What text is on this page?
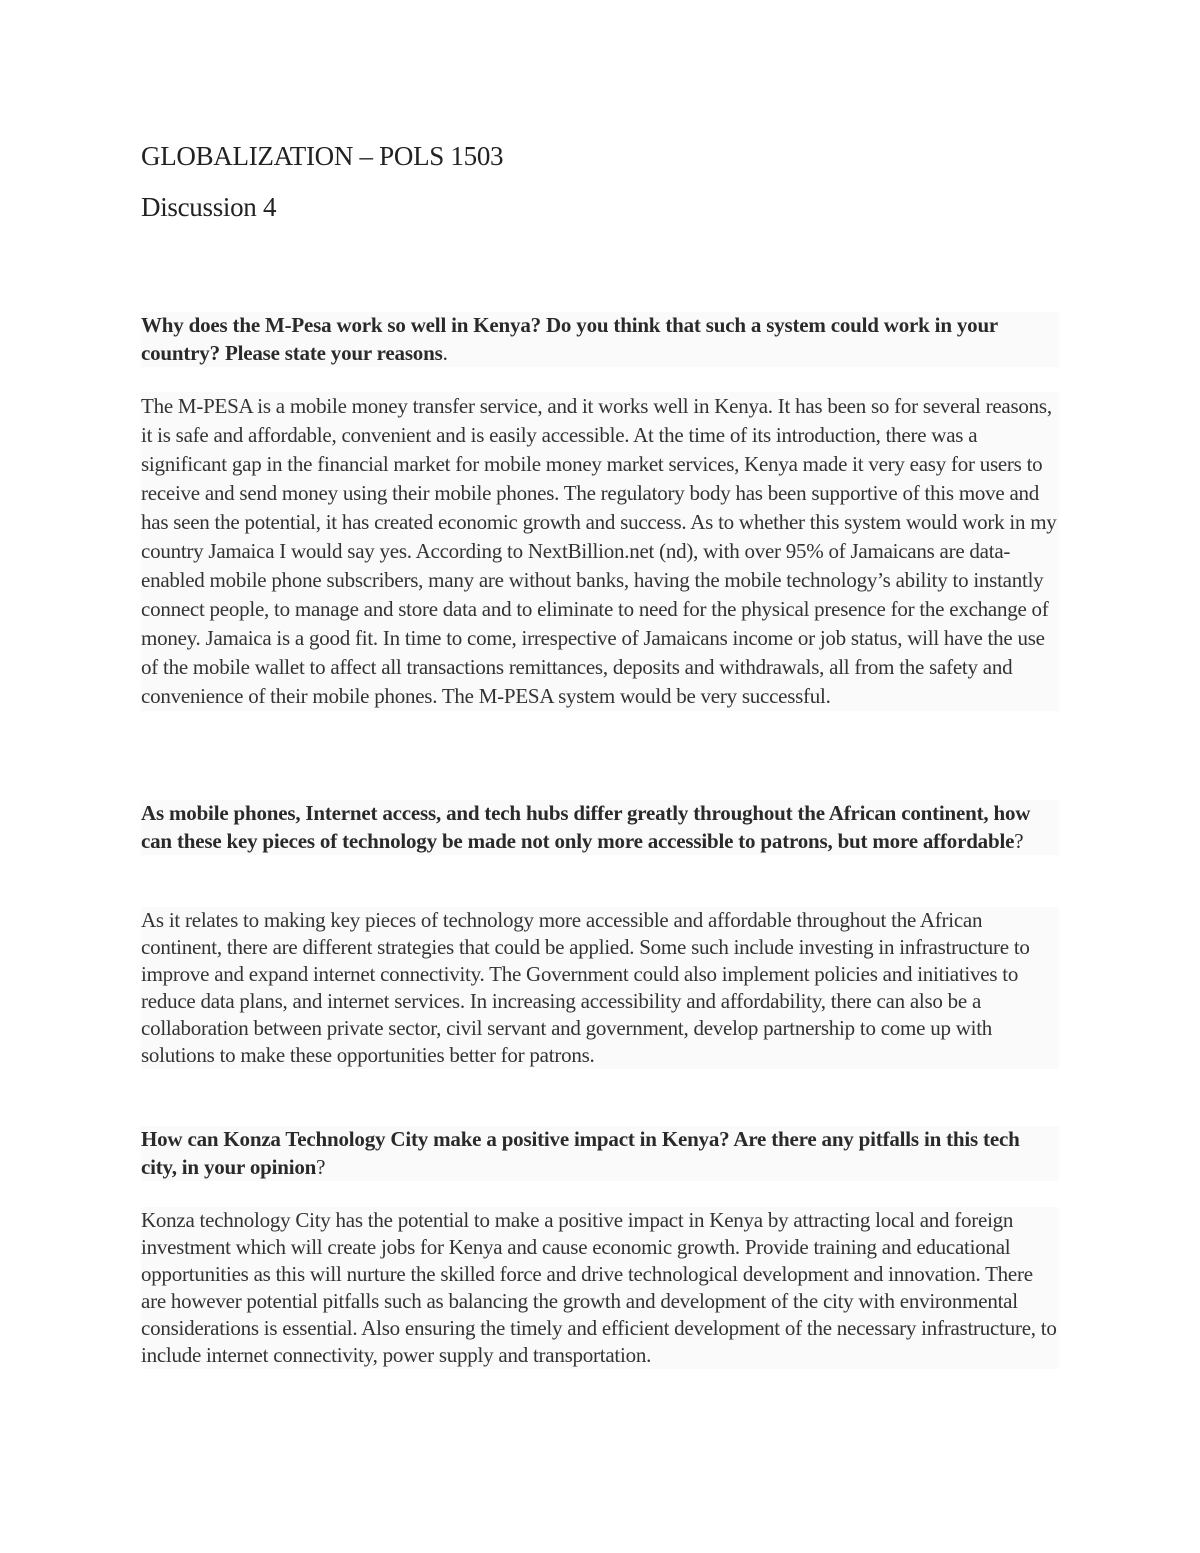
GLOBALIZATION – POLS 1503
Discussion 4

Why does the M-Pesa work so well in Kenya? Do you think that such a system could work in your country? Please state your reasons.

The M-PESA is a mobile money transfer service, and it works well in Kenya. It has been so for several reasons, it is safe and affordable, convenient and is easily accessible. At the time of its introduction, there was a significant gap in the financial market for mobile money market services, Kenya made it very easy for users to receive and send money using their mobile phones. The regulatory body has been supportive of this move and has seen the potential, it has created economic growth and success. As to whether this system would work in my country Jamaica I would say yes. According to NextBillion.net (nd), with over 95% of Jamaicans are data-enabled mobile phone subscribers, many are without banks, having the mobile technology’s ability to instantly connect people, to manage and store data and to eliminate to need for the physical presence for the exchange of money. Jamaica is a good fit. In time to come, irrespective of Jamaicans income or job status, will have the use of the mobile wallet to affect all transactions remittances, deposits and withdrawals, all from the safety and convenience of their mobile phones. The M-PESA system would be very successful.

As mobile phones, Internet access, and tech hubs differ greatly throughout the African continent, how can these key pieces of technology be made not only more accessible to patrons, but more affordable?

As it relates to making key pieces of technology more accessible and affordable throughout the African continent, there are different strategies that could be applied. Some such include investing in infrastructure to improve and expand internet connectivity. The Government could also implement policies and initiatives to reduce data plans, and internet services. In increasing accessibility and affordability, there can also be a collaboration between private sector, civil servant and government, develop partnership to come up with solutions to make these opportunities better for patrons.

How can Konza Technology City make a positive impact in Kenya? Are there any pitfalls in this tech city, in your opinion?

Konza technology City has the potential to make a positive impact in Kenya by attracting local and foreign investment which will create jobs for Kenya and cause economic growth. Provide training and educational opportunities as this will nurture the skilled force and drive technological development and innovation. There are however potential pitfalls such as balancing the growth and development of the city with environmental considerations is essential. Also ensuring the timely and efficient development of the necessary infrastructure, to include internet connectivity, power supply and transportation.
